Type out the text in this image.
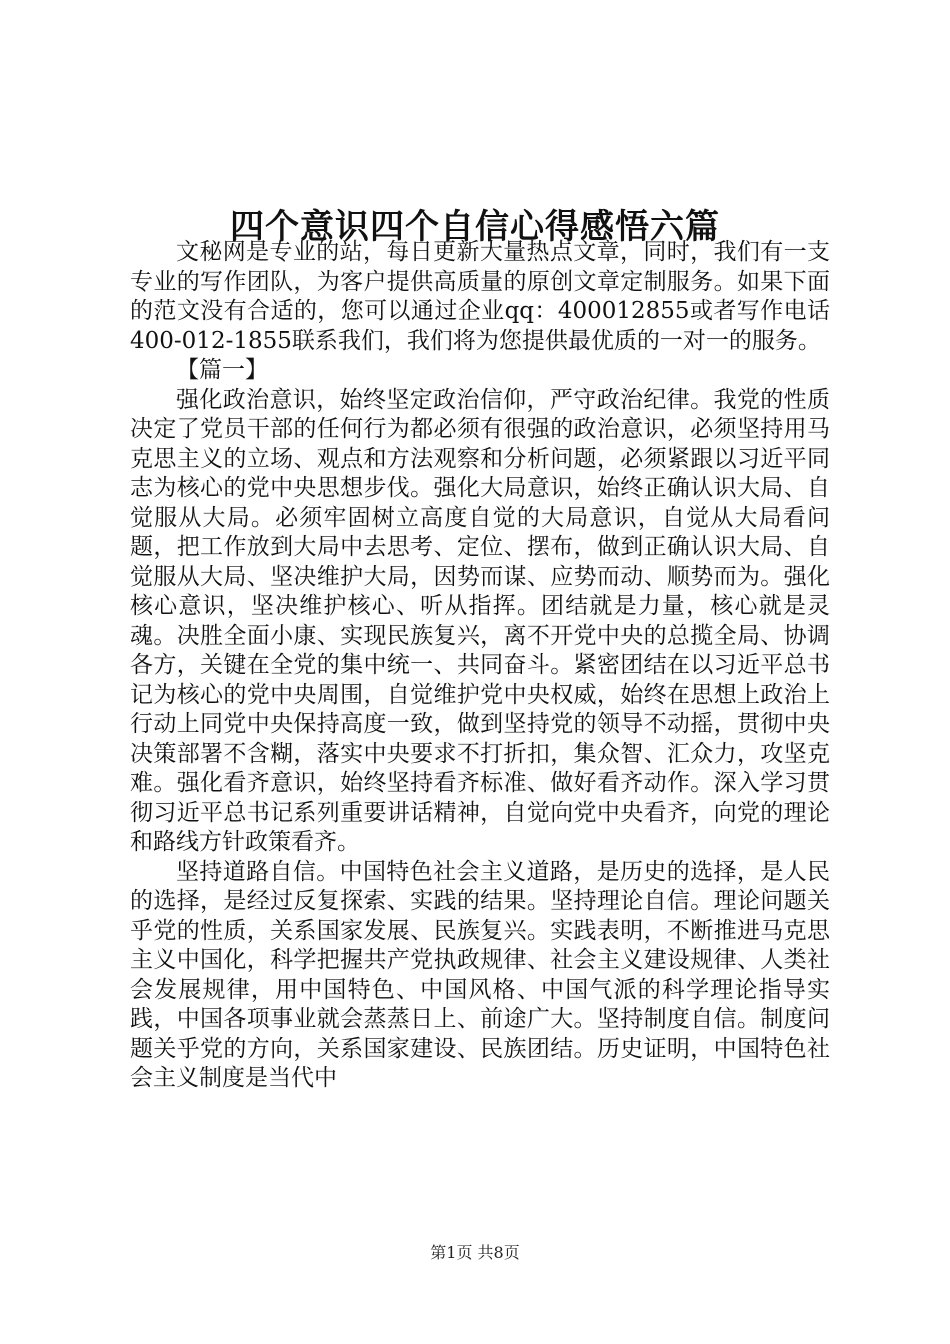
四个意识四个自信心得感悟六篇

文秘网是专业的站，每日更新大量热点文章，同时，我们有一支专业的写作团队，为客户提供高质量的原创文章定制服务。如果下面的范文没有合适的，您可以通过企业qq：400012855或者写作电话400-012-1855联系我们，我们将为您提供最优质的一对一的服务。

【篇一】

强化政治意识，始终坚定政治信仰，严守政治纪律。我党的性质决定了党员干部的任何行为都必须有很强的政治意识，必须坚持用马克思主义的立场、观点和方法观察和分析问题，必须紧跟以习近平同志为核心的党中央思想步伐。强化大局意识，始终正确认识大局、自觉服从大局。必须牢固树立高度自觉的大局意识，自觉从大局看问题，把工作放到大局中去思考、定位、摆布，做到正确认识大局、自觉服从大局、坚决维护大局，因势而谋、应势而动、顺势而为。强化核心意识，坚决维护核心、听从指挥。团结就是力量，核心就是灵魂。决胜全面小康、实现民族复兴，离不开党中央的总揽全局、协调各方，关键在全党的集中统一、共同奋斗。紧密团结在以习近平总书记为核心的党中央周围，自觉维护党中央权威，始终在思想上政治上行动上同党中央保持高度一致，做到坚持党的领导不动摇，贯彻中央决策部署不含糊，落实中央要求不打折扣，集众智、汇众力，攻坚克难。强化看齐意识，始终坚持看齐标准、做好看齐动作。深入学习贯彻习近平总书记系列重要讲话精神，自觉向党中央看齐，向党的理论和路线方针政策看齐。

坚持道路自信。中国特色社会主义道路，是历史的选择，是人民的选择，是经过反复探索、实践的结果。坚持理论自信。理论问题关乎党的性质，关系国家发展、民族复兴。实践表明，不断推进马克思主义中国化，科学把握共产党执政规律、社会主义建设规律、人类社会发展规律，用中国特色、中国风格、中国气派的科学理论指导实践，中国各项事业就会蒸蒸日上、前途广大。坚持制度自信。制度问题关乎党的方向，关系国家建设、民族团结。历史证明，中国特色社会主义制度是当代中

第1页 共8页
